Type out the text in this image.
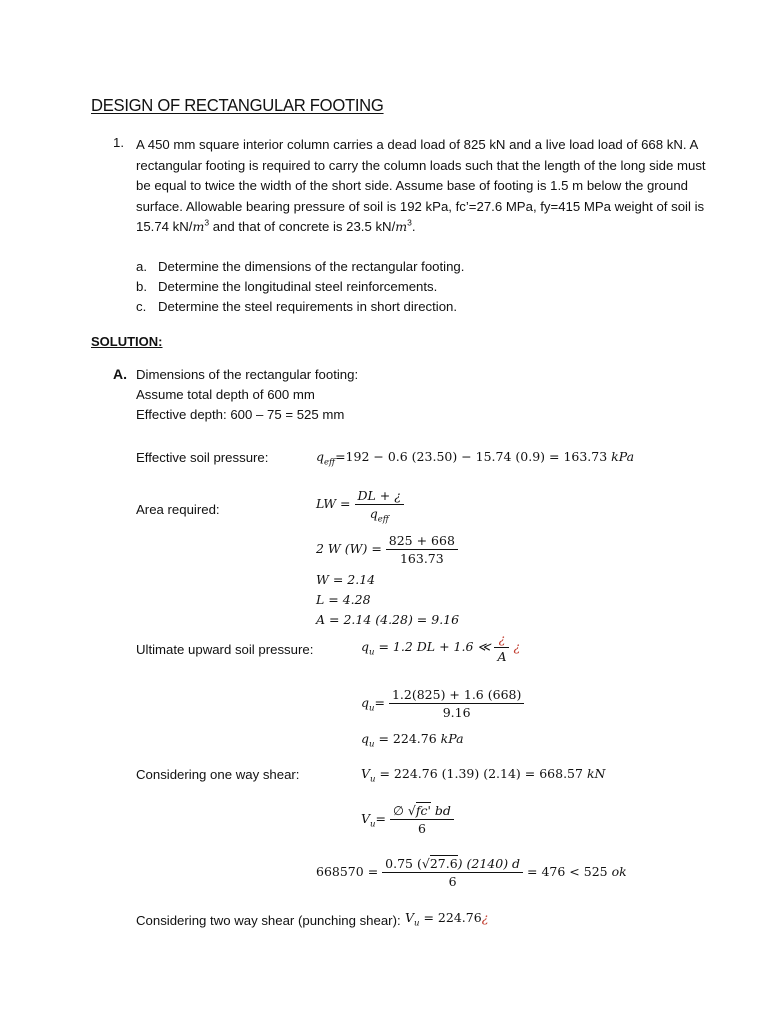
DESIGN OF RECTANGULAR FOOTING
1. A 450 mm square interior column carries a dead load of 825 kN and a live load load of 668 kN. A
rectangular footing is required to carry the column loads such that the length of the long side must
be equal to twice the width of the short side. Assume base of footing is 1.5 m below the ground
surface. Allowable bearing pressure of soil is 192 kPa, fc’=27.6 MPa, fy=415 MPa weight of soil is
15.74 $kN/m^3$ and that of concrete is 23.5 $kN/m^3$.
a. Determine the dimensions of the rectangular footing.
b. Determine the longitudinal steel reinforcements.
c. Determine the steel requirements in short direction.
SOLUTION:
A. Dimensions of the rectangular footing:
Assume total depth of 600 mm
Effective depth: 600 – 75 = 525 mm
Effective soil pressure:	$q_{eff}=192 - 0.6$ (23.50) − 15.74 (0.9) = 163.73 kPa
Area required:	LW = $\frac{DL + ¿}{q_{eff}}$
2 W $(W) = \frac{825 + 668}{163.73}$
W = 2.14
L = 4.28
A = 2.14 (4.28) = 9.16
Ultimate upward soil pressure:	$q_u = 1.2$ DL + 1.6 ≪ $\frac{¿}{A}$ ¿
$q_u= \frac{1.2(825) + 1.6 (668)}{9.16}$
$q_u = 224.76$ kPa
Considering one way shear:	$V_u = 224.76$ (1.39) (2.14) = 668.57 kN
$V_u= \frac{\emptyset √fc' bd}{6}$
$668570 = \frac{0.75 (√27.6) (2140) d}{6} = 476 < 525$ ok
Considering two way shear (punching shear): $V_u$ = 224.76¿
